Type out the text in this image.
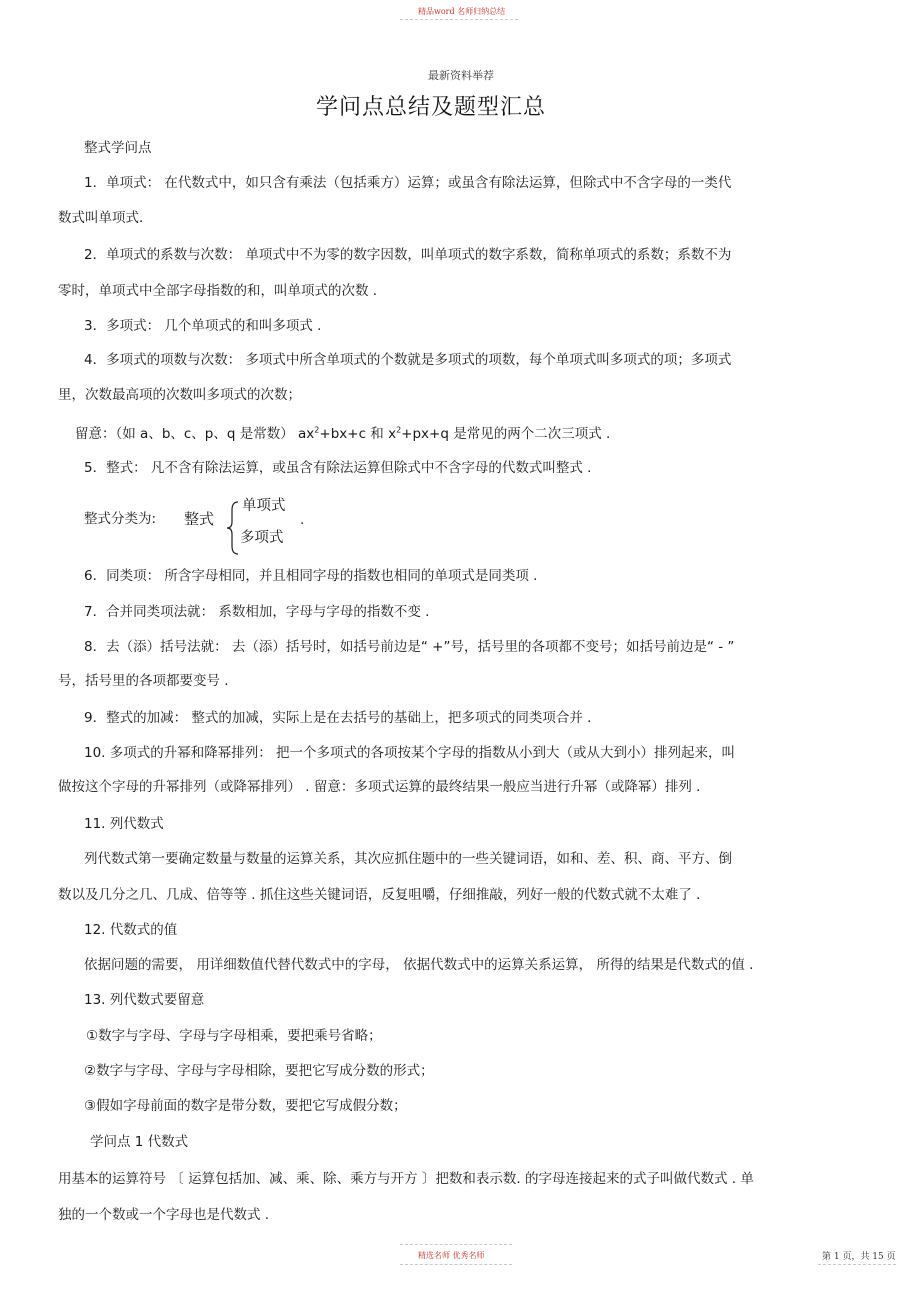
精品word 名师归纳总结
最新资料举荐
学问点总结及题型汇总
整式学问点
1．单项式： 在代数式中，如只含有乘法（包括乘方）运算；或虽含有除法运算，但除式中不含字母的一类代
数式叫单项式．
2．单项式的系数与次数： 单项式中不为零的数字因数，叫单项式的数字系数，简称单项式的系数；系数不为
零时，单项式中全部字母指数的和，叫单项式的次数 .
3．多项式： 几个单项式的和叫多项式 .
4．多项式的项数与次数： 多项式中所含单项式的个数就是多项式的项数，每个单项式叫多项式的项；多项式
里，次数最高项的次数叫多项式的次数；
留意：（如 a、b、c、p、q 是常数） $ax^2+bx+c$ 和 $x^2+px+q$ 是常见的两个二次三项式 .
5．整式： 凡不含有除法运算，或虽含有除法运算但除式中不含字母的代数式叫整式 .
整式分类为: 整式
单项式
多项式
.
6．同类项： 所含字母相同，并且相同字母的指数也相同的单项式是同类项 .
7．合并同类项法就： 系数相加，字母与字母的指数不变 .
8．去（添）括号法就： 去（添）括号时，如括号前边是“ +”号，括号里的各项都不变号；如括号前边是“ - ”
号，括号里的各项都要变号 .
9．整式的加减： 整式的加减，实际上是在去括号的基础上，把多项式的同类项合并 .
10. 多项式的升幂和降幂排列： 把一个多项式的各项按某个字母的指数从小到大（或从大到小）排列起来，叫
做按这个字母的升幂排列（或降幂排列） . 留意：多项式运算的最终结果一般应当进行升幂（或降幂）排列 .
11. 列代数式
列代数式第一要确定数量与数量的运算关系，其次应抓住题中的一些关键词语，如和、差、积、商、平方、倒
数以及几分之几、几成、倍等等 . 抓住这些关键词语，反复咀嚼，仔细推敲，列好一般的代数式就不太难了 .
12. 代数式的值
依据问题的需要， 用详细数值代替代数式中的字母， 依据代数式中的运算关系运算， 所得的结果是代数式的值 .
13. 列代数式要留意
①数字与字母、字母与字母相乘，要把乘号省略；
②数字与字母、字母与字母相除，要把它写成分数的形式；
③假如字母前面的数字是带分数，要把它写成假分数；
学问点 1 代数式
用基本的运算符号 〔 运算包括加、减、乘、除、乘方与开方 〕把数和表示数. 的字母连接起来的式子叫做代数式 . 单
独的一个数或一个字母也是代数式 .
精选名师 优秀名师	第 1 页，共 15 页
